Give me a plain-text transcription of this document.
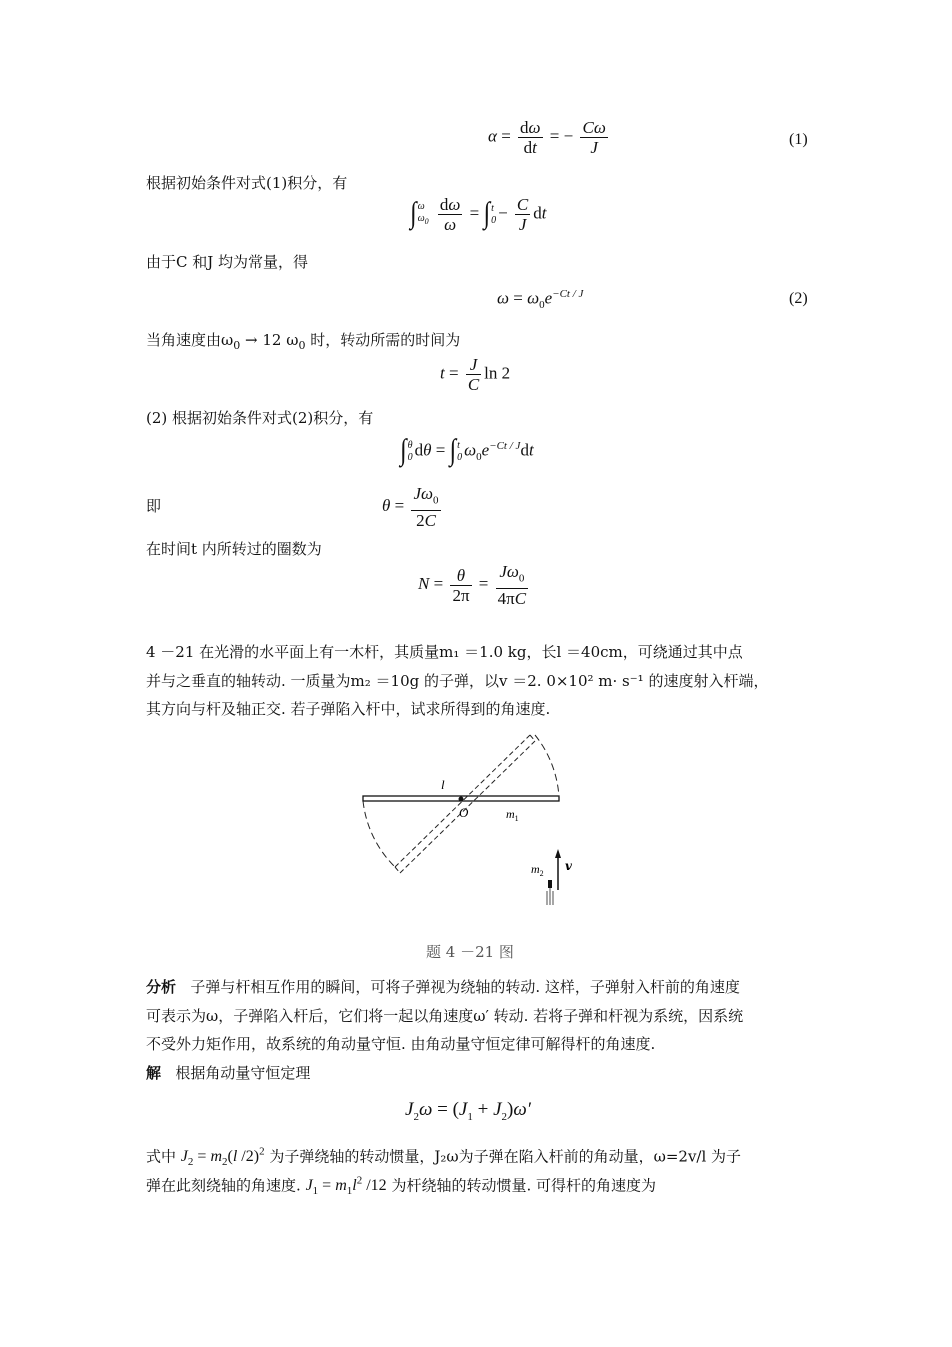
$\alpha = \frac{d\omega}{dt}$ = − $\frac{C\omega}{J}$	(1)
根据初始条件对式(1)积分，有
∫ ω
$\omega_0$
$\frac{d\omega}{\omega}$ = ∫ t
$0 - \frac{C}{J}$ dt
由于C 和J 均为常量，得
$\omega = \omega_0e^{-Ct / J}$	(2)
当角速度由$\omega_0 \to 12$ $\omega_0$ 时，转动所需的时间为
$t = \frac{J}{C}$ ln 2
(2) 根据初始条件对式(2)积分，有
∫ θ
0 dθ = ∫ t
0 $\omega_0e^{-Ct / J}dt$
即	$\theta = \frac{J\omega_0}{2C}$
在时间t 内所转过的圈数为
$N = \frac{\theta}{2\pi} = \frac{J\omega_0}{4\pi C}$
4 －21 在光滑的水平面上有一木杆，其质量m₁ ＝1.0 kg，长l ＝40cm，可绕通过其中点
并与之垂直的轴转动. 一质量为m₂ ＝10g 的子弹，以v ＝2. 0×10² m· s⁻¹ 的速度射入杆端，
其方向与杆及轴正交. 若子弹陷入杆中，试求所得到的角速度.
l
O	$m_1$
v
$m_2$
题 4 －21 图
分析 子弹与杆相互作用的瞬间，可将子弹视为绕轴的转动. 这样，子弹射入杆前的角速度
可表示为ω，子弹陷入杆后，它们将一起以角速度ω′ 转动. 若将子弹和杆视为系统，因系统
不受外力矩作用，故系统的角动量守恒. 由角动量守恒定律可解得杆的角速度.
解 根据角动量守恒定理
$J_2\omega = (J_1 + J_2)\omega'$
式中 $J_2 = m_2(l$ /2)$^2$ 为子弹绕轴的转动惯量，J₂ω为子弹在陷入杆前的角动量，ω=2v/l 为子
弹在此刻绕轴的角速度. $J_1 = m_1l^2$ /12 为杆绕轴的转动惯量. 可得杆的角速度为
